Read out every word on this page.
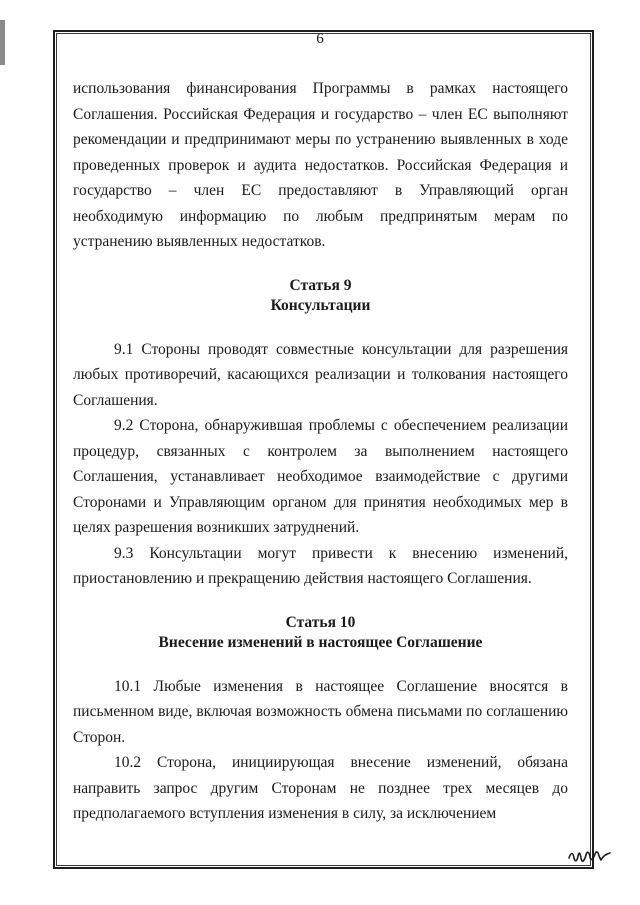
6

использования финансирования Программы в рамках настоящего Соглашения. Российская Федерация и государство – член ЕС выполняют рекомендации и предпринимают меры по устранению выявленных в ходе проведенных проверок и аудита недостатков. Российская Федерация и государство – член ЕС предоставляют в Управляющий орган необходимую информацию по любым предпринятым мерам по устранению выявленных недостатков.

Статья 9
Консультации

9.1 Стороны проводят совместные консультации для разрешения любых противоречий, касающихся реализации и толкования настоящего Соглашения.

9.2 Сторона, обнаружившая проблемы с обеспечением реализации процедур, связанных с контролем за выполнением настоящего Соглашения, устанавливает необходимое взаимодействие с другими Сторонами и Управляющим органом для принятия необходимых мер в целях разрешения возникших затруднений.

9.3 Консультации могут привести к внесению изменений, приостановлению и прекращению действия настоящего Соглашения.

Статья 10
Внесение изменений в настоящее Соглашение

10.1 Любые изменения в настоящее Соглашение вносятся в письменном виде, включая возможность обмена письмами по соглашению Сторон.

10.2 Сторона, инициирующая внесение изменений, обязана направить запрос другим Сторонам не позднее трех месяцев до предполагаемого вступления изменения в силу, за исключением
